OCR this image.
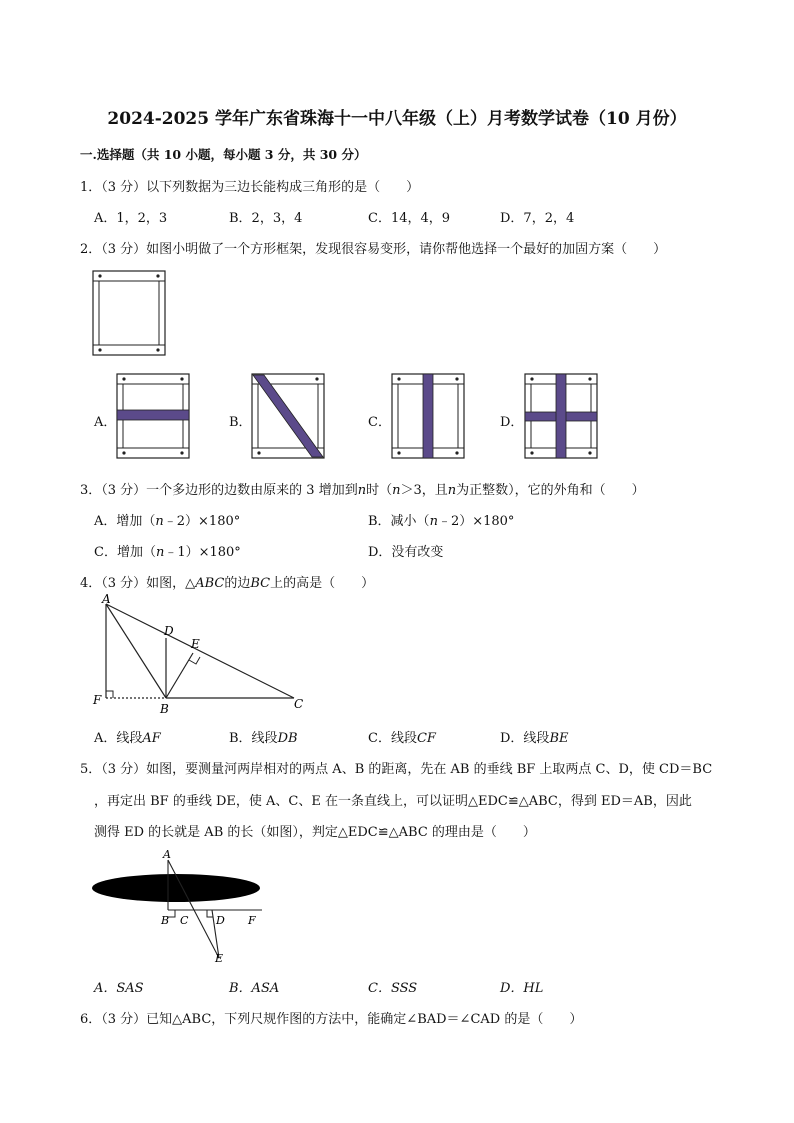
2024-2025 学年广东省珠海十一中八年级（上）月考数学试卷（10 月份）
一.选择题（共 10 小题，每小题 3 分，共 30 分）
1．（3 分）以下列数据为三边长能构成三角形的是（　　）
A．1，2，3	B．2，3，4	C．14，4，9	D．7，2，4
2．（3 分）如图小明做了一个方形框架，发现很容易变形，请你帮他选择一个最好的加固方案（　　）
A．	B．	C．	D．
3．（3 分）一个多边形的边数由原来的 3 增加到n时（n＞3，且n为正整数），它的外角和（　　）
A．增加（n﹣2）×180°	B．减小（n﹣2）×180°
C．增加（n﹣1）×180°	D．没有改变
4．（3 分）如图，△ABC的边BC上的高是（　　）
A
D
E
F
B	C
A．线段AF	B．线段DB	C．线段CF	D．线段BE
5．（3 分）如图，要测量河两岸相对的两点 A、B 的距离，先在 AB 的垂线 BF 上取两点 C、D，使 CD＝BC
，再定出 BF 的垂线 DE，使 A、C、E 在一条直线上，可以证明△EDC≌△ABC，得到 ED＝AB，因此
测得 ED 的长就是 AB 的长（如图），判定△EDC≌△ABC 的理由是（　　）
A
B C	D F
E
A．SAS	B．ASA	C．SSS	D．HL
6．（3 分）已知△ABC，下列尺规作图的方法中，能确定∠BAD＝∠CAD 的是（　　）
